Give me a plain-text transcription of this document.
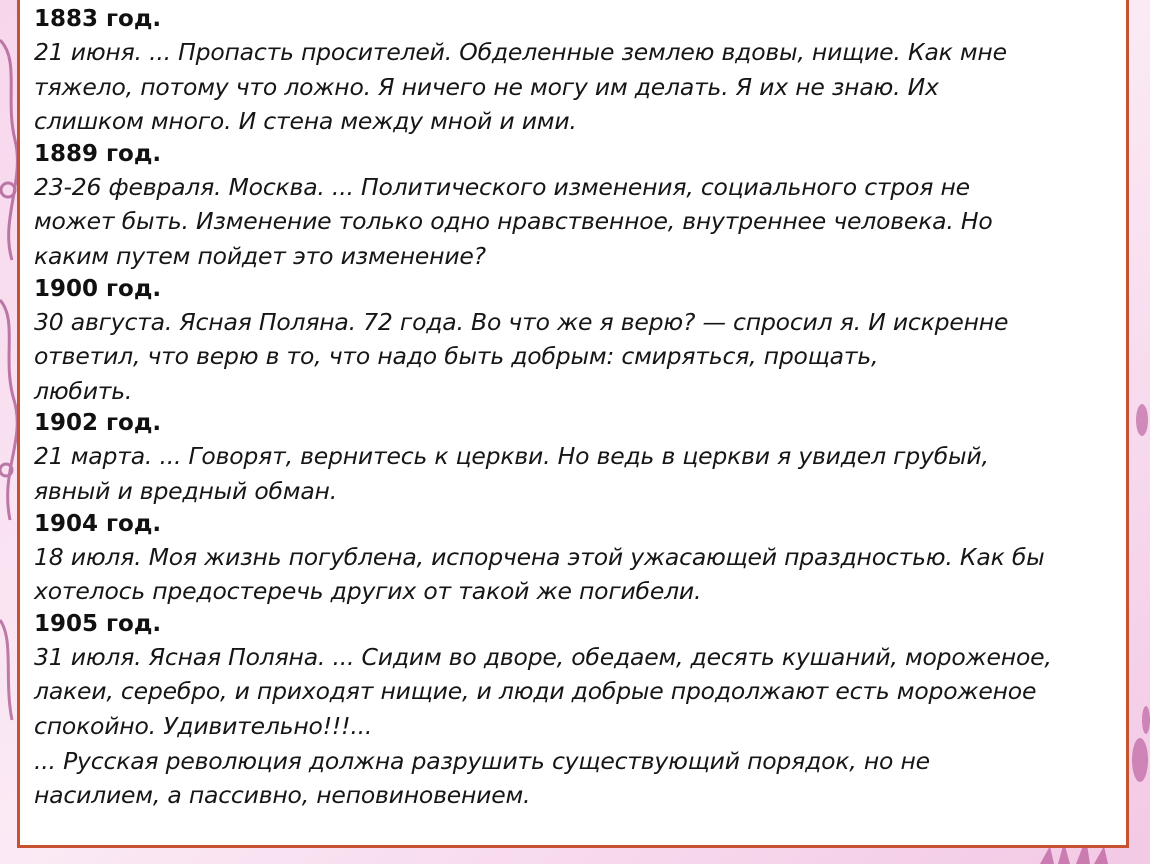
1883 год.
21 июня. ... Пропасть просителей. Обделенные землею вдовы, нищие. Как мне
тяжело, потому что ложно. Я ничего не могу им делать. Я их не знаю. Их
слишком много. И стена между мной и ими.
1889 год.
23-26 февраля. Москва. ... Политического изменения, социального строя не
может быть. Изменение только одно нравственное, внутреннее человека. Но
каким путем пойдет это изменение?
1900 год.
30 августа. Ясная Поляна. 72 года. Во что же я верю? — спросил я. И искренне
ответил, что верю в то, что надо быть добрым: смиряться, прощать,
любить.
1902 год.
21 марта. ... Говорят, вернитесь к церкви. Но ведь в церкви я увидел грубый,
явный и вредный обман.
1904 год.
18 июля. Моя жизнь погублена, испорчена этой ужасающей праздностью. Как бы
хотелось предостеречь других от такой же погибели.
1905 год.
31 июля. Ясная Поляна. ... Сидим во дворе, обедаем, десять кушаний, мороженое,
лакеи, серебро, и приходят нищие, и люди добрые продолжают есть мороженое
спокойно. Удивительно!!!...
... Русская революция должна разрушить существующий порядок, но не
насилием, а пассивно, неповиновением.
